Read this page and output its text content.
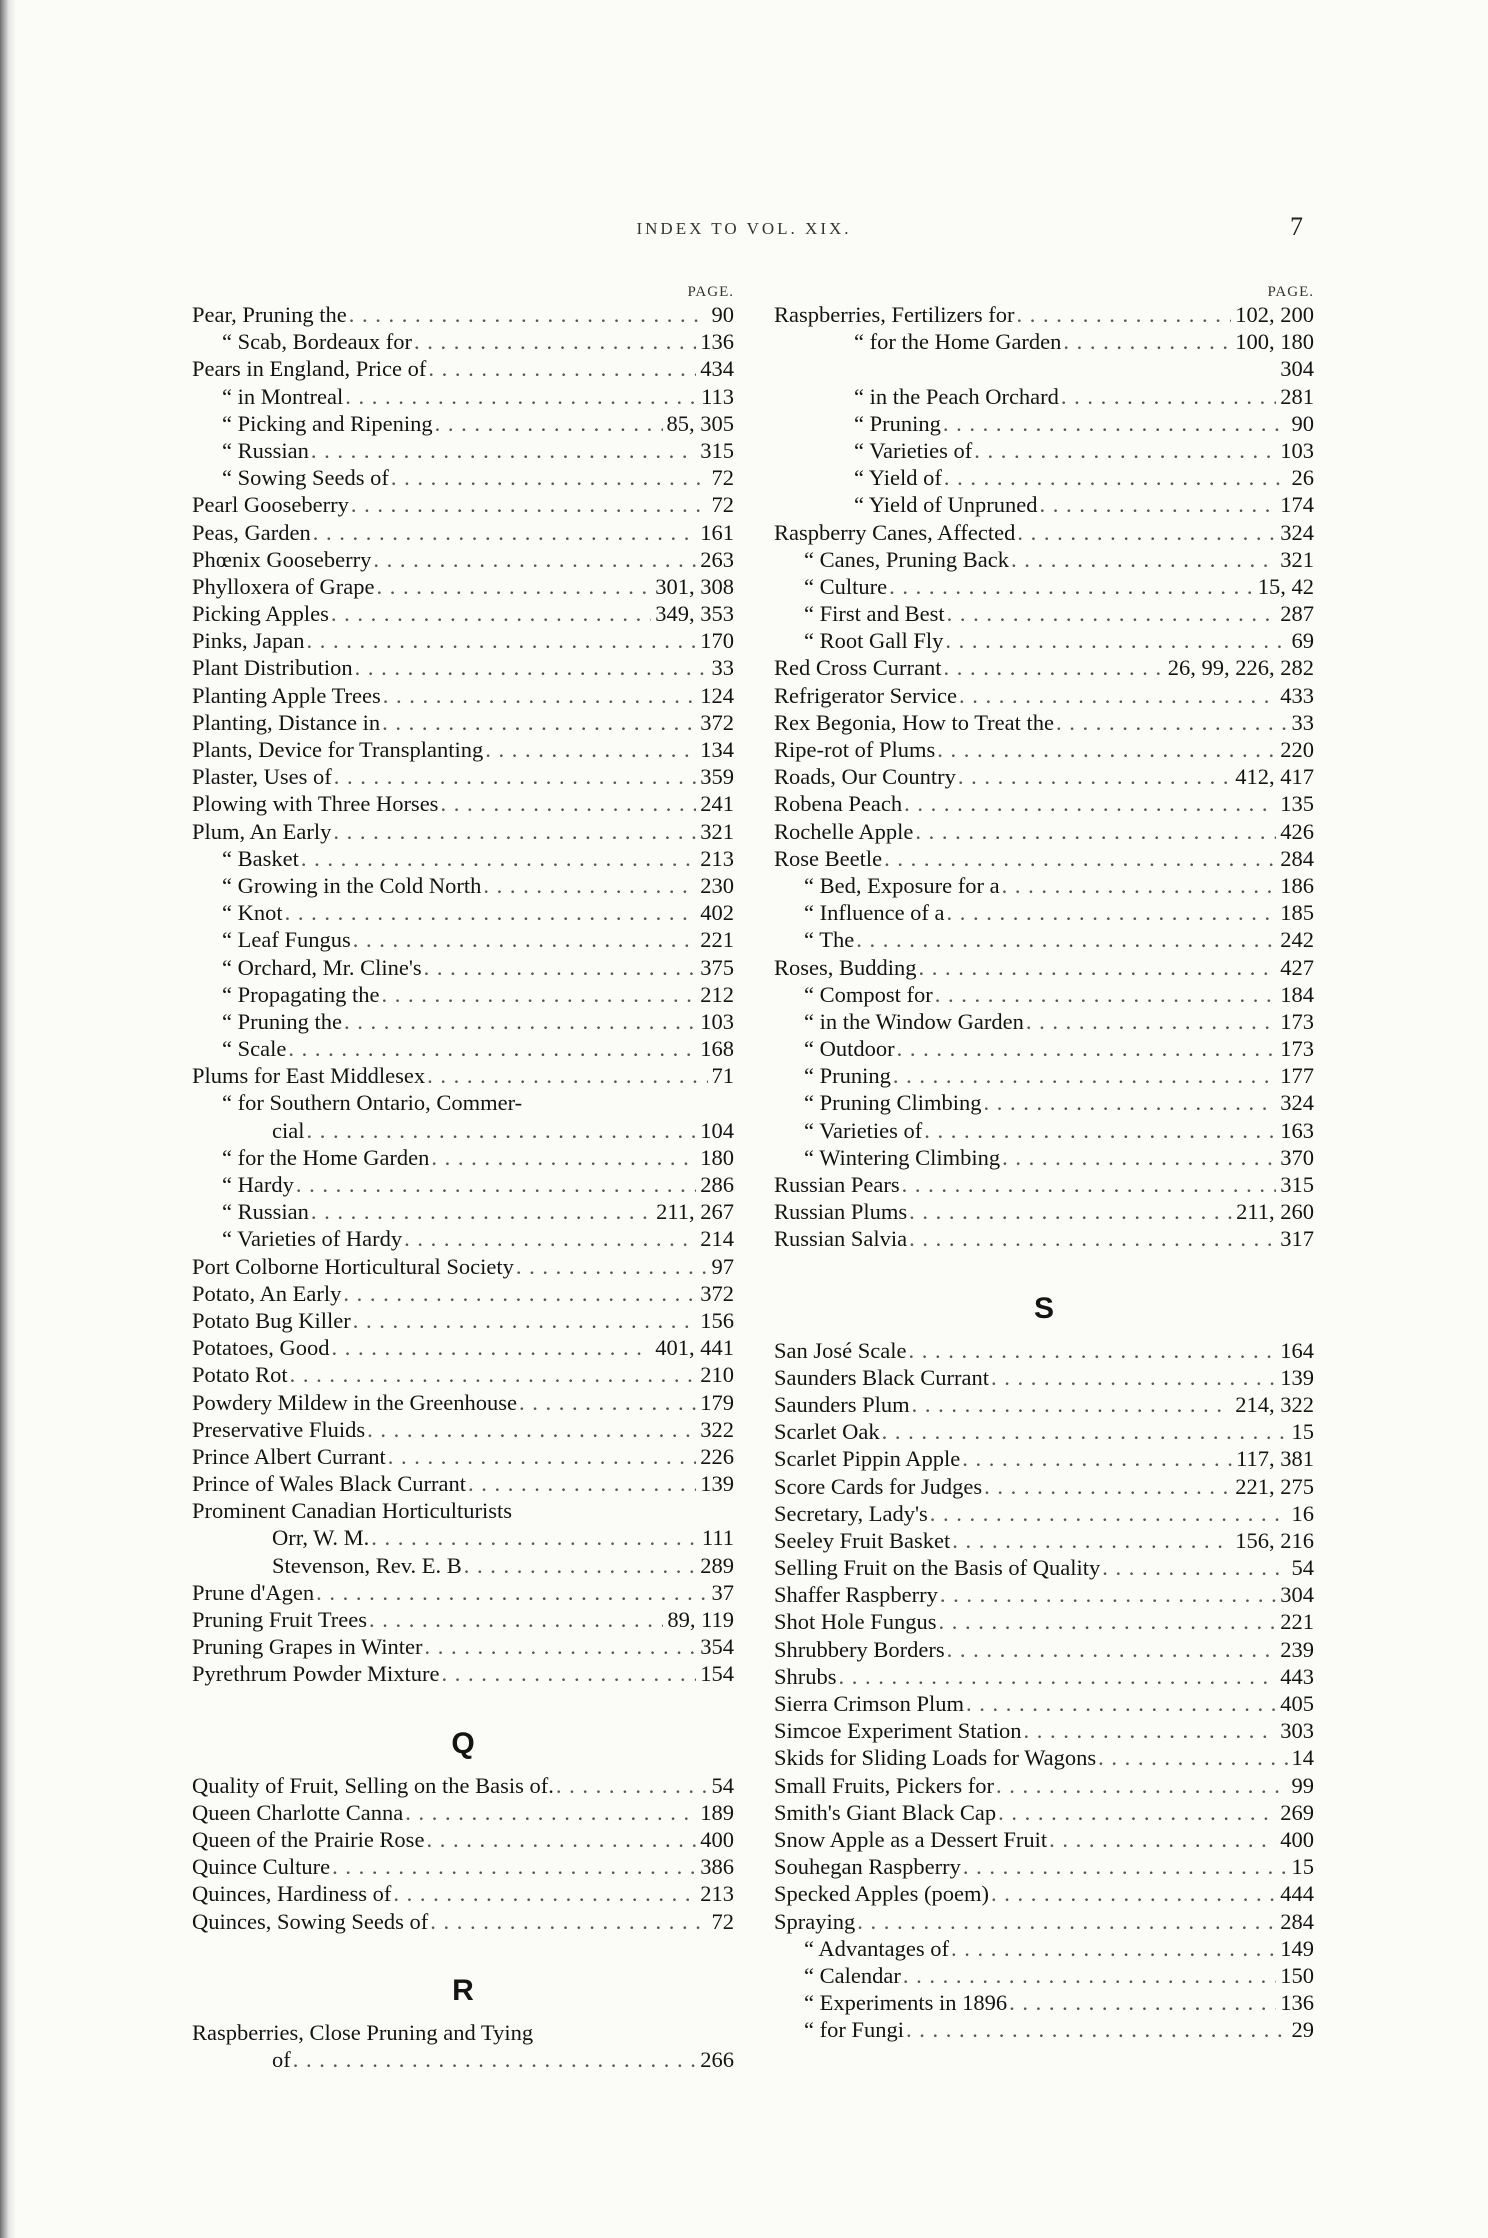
INDEX TO VOL. XIX.	7
PAGE.
Pear, Pruning the . . .	90
“ Scab, Bordeaux for . . .	136
Pears in England, Price of . . .	434
“ in Montreal . . .	113
“ Picking and Ripening . . .	85, 305
“ Russian . . .	315
“ Sowing Seeds of . . .	72
Pearl Gooseberry . . .	72
Peas, Garden . . .	161
Phœnix Gooseberry . . .	263
Phylloxera of Grape . . .	301, 308
Picking Apples . . .	349, 353
Pinks, Japan . . .	170
Plant Distribution . . .	33
Planting Apple Trees . . .	124
Planting, Distance in . . .	372
Plants, Device for Transplanting . . .	134
Plaster, Uses of . . .	359
Plowing with Three Horses . . .	241
Plum, An Early . . .	321
“ Basket . . .	213
“ Growing in the Cold North . . .	230
“ Knot . . .	402
“ Leaf Fungus . . .	221
“ Orchard, Mr. Cline's . . .	375
“ Propagating the . . .	212
“ Pruning the . . .	103
“ Scale . . .	168
Plums for East Middlesex . . .	71
“ for Southern Ontario, Commer-
cial . . .	104
“ for the Home Garden . . .	180
“ Hardy . . .	286
“ Russian . . .	211, 267
“ Varieties of Hardy . . .	214
Port Colborne Horticultural Society . . .	97
Potato, An Early . . .	372
Potato Bug Killer . . .	156
Potatoes, Good . . .	401, 441
Potato Rot . . .	210
Powdery Mildew in the Greenhouse . . .	179
Preservative Fluids . . .	322
Prince Albert Currant . . .	226
Prince of Wales Black Currant . . .	139
Prominent Canadian Horticulturists
Orr, W. M. . . .	111
Stevenson, Rev. E. B . . .	289
Prune d'Agen . . .	37
Pruning Fruit Trees . . .	89, 119
Pruning Grapes in Winter . . .	354
Pyrethrum Powder Mixture . . .	154
Q
Quality of Fruit, Selling on the Basis of. . . .	54
Queen Charlotte Canna . . .	189
Queen of the Prairie Rose . . .	400
Quince Culture . . .	386
Quinces, Hardiness of . . .	213
Quinces, Sowing Seeds of . . .	72
R
Raspberries, Close Pruning and Tying
of . . .	266
PAGE.
Raspberries, Fertilizers for . . .	102, 200
“ for the Home Garden . . .	100, 180
304
“ in the Peach Orchard . . .	281
“ Pruning . . .	90
“ Varieties of . . .	103
“ Yield of . . .	26
“ Yield of Unpruned . . .	174
Raspberry Canes, Affected . . .	324
“ Canes, Pruning Back . . .	321
“ Culture . . .	15, 42
“ First and Best . . .	287
“ Root Gall Fly . . .	69
Red Cross Currant . . .	26, 99, 226, 282
Refrigerator Service . . .	433
Rex Begonia, How to Treat the . . .	33
Ripe-rot of Plums . . .	220
Roads, Our Country . . .	412, 417
Robena Peach . . .	135
Rochelle Apple . . .	426
Rose Beetle . . .	284
“ Bed, Exposure for a . . .	186
“ Influence of a . . .	185
“ The . . .	242
Roses, Budding . . .	427
“ Compost for . . .	184
“ in the Window Garden . . .	173
“ Outdoor . . .	173
“ Pruning . . .	177
“ Pruning Climbing . . .	324
“ Varieties of . . .	163
“ Wintering Climbing . . .	370
Russian Pears . . .	315
Russian Plums . . .	211, 260
Russian Salvia . . .	317
S
San José Scale . . .	164
Saunders Black Currant . . .	139
Saunders Plum . . .	214, 322
Scarlet Oak . . .	15
Scarlet Pippin Apple . . .	117, 381
Score Cards for Judges . . .	221, 275
Secretary, Lady's . . .	16
Seeley Fruit Basket . . .	156, 216
Selling Fruit on the Basis of Quality . . .	54
Shaffer Raspberry . . .	304
Shot Hole Fungus . . .	221
Shrubbery Borders . . .	239
Shrubs . . .	443
Sierra Crimson Plum . . .	405
Simcoe Experiment Station . . .	303
Skids for Sliding Loads for Wagons . . .	14
Small Fruits, Pickers for . . .	99
Smith's Giant Black Cap . . .	269
Snow Apple as a Dessert Fruit . . .	400
Souhegan Raspberry . . .	15
Specked Apples (poem) . . .	444
Spraying . . .	284
“ Advantages of . . .	149
“ Calendar . . .	150
“ Experiments in 1896 . . .	136
“ for Fungi . . .	29
